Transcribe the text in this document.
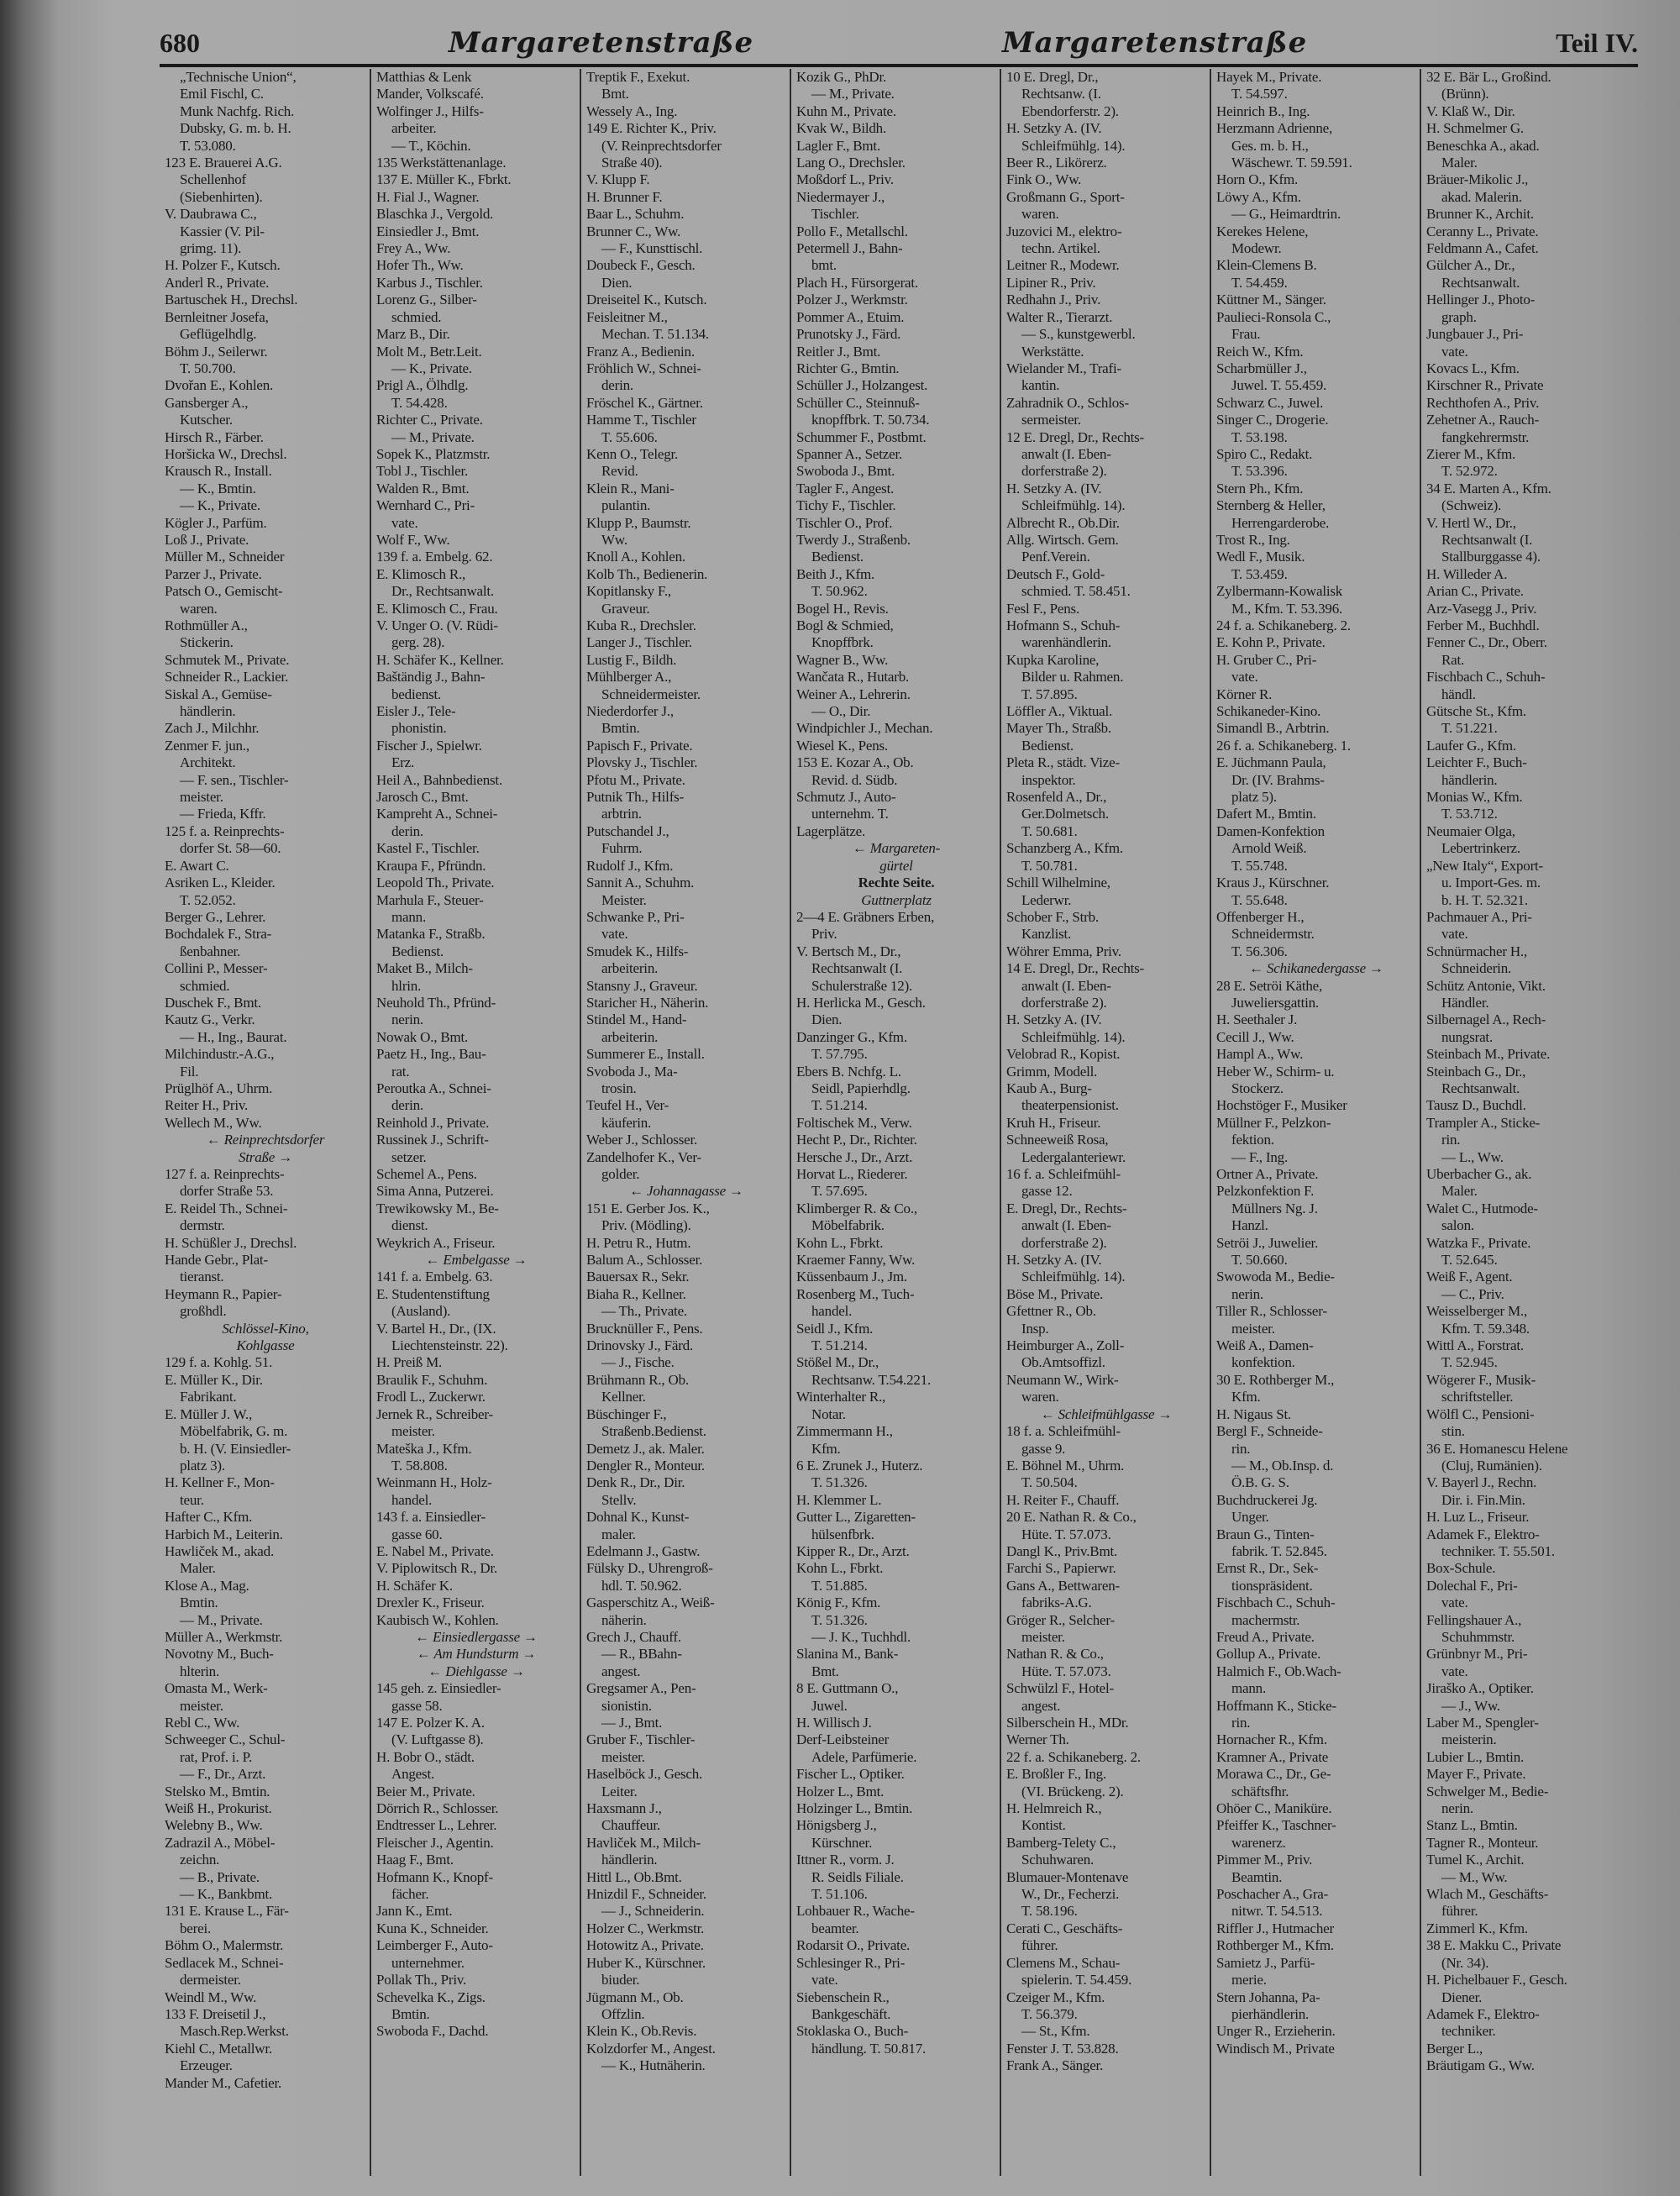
680	Margaretenstraße	Margaretenstraße	Teil IV.
„Technische Union“,
Emil Fischl, C.
Munk Nachfg. Rich.
Dubsky, G. m. b. H.
T. 53.080.
123 E. Brauerei A.G.
Schellenhof
(Siebenhirten).
V. Daubrawa C.,
Kassier (V. Pil-
grimg. 11).
H. Polzer F., Kutsch.
Anderl R., Private.
Bartuschek H., Drechsl.
Bernleitner Josefa,
Geflügelhdlg.
Böhm J., Seilerwr.
T. 50.700.
Dvořan E., Kohlen.
Gansberger A.,
Kutscher.
Hirsch R., Färber.
Horšicka W., Drechsl.
Krausch R., Install.
— K., Bmtin.
— K., Private.
Kögler J., Parfüm.
Loß J., Private.
Müller M., Schneider
Parzer J., Private.
Patsch O., Gemischt-
waren.
Rothmüller A.,
Stickerin.
Schmutek M., Private.
Schneider R., Lackier.
Siskal A., Gemüse-
händlerin.
Zach J., Milchhr.
Zenmer F. jun.,
Architekt.
— F. sen., Tischler-
meister.
— Frieda, Kffr.
125 f. a. Reinprechts-
dorfer St. 58—60.
E. Awart C.
Asriken L., Kleider.
T. 52.052.
Berger G., Lehrer.
Bochdalek F., Stra-
ßenbahner.
Collini P., Messer-
schmied.
Duschek F., Bmt.
Kautz G., Verkr.
— H., Ing., Baurat.
Milchindustr.-A.G.,
Fil.
Prüglhöf A., Uhrm.
Reiter H., Priv.
Wellech M., Ww.
← Reinprechtsdorfer
Straße →
127 f. a. Reinprechts-
dorfer Straße 53.
E. Reidel Th., Schnei-
dermstr.
H. Schüßler J., Drechsl.
Hande Gebr., Plat-
tieranst.
Heymann R., Papier-
großhdl.
Schlössel-Kino,
Kohlgasse
129 f. a. Kohlg. 51.
E. Müller K., Dir.
Fabrikant.
E. Müller J. W.,
Möbelfabrik, G. m.
b. H. (V. Einsiedler-
platz 3).
H. Kellner F., Mon-
teur.
Hafter C., Kfm.
Harbich M., Leiterin.
Hawliček M., akad.
Maler.
Klose A., Mag.
Bmtin.
— M., Private.
Müller A., Werkmstr.
Novotny M., Buch-
hlterin.
Omasta M., Werk-
meister.
Rebl C., Ww.
Schweeger C., Schul-
rat, Prof. i. P.
— F., Dr., Arzt.
Stelsko M., Bmtin.
Weiß H., Prokurist.
Welebny B., Ww.
Zadrazil A., Möbel-
zeichn.
— B., Private.
— K., Bankbmt.
131 E. Krause L., Fär-
berei.
Böhm O., Malermstr.
Sedlacek M., Schnei-
dermeister.
Weindl M., Ww.
133 F. Dreisetil J.,
Masch.Rep.Werkst.
Kiehl C., Metallwr.
Erzeuger.
Mander M., Cafetier.
Matthias & Lenk
Mander, Volkscafé.
Wolfinger J., Hilfs-
arbeiter.
— T., Köchin.
135 Werkstättenanlage.
137 E. Müller K., Fbrkt.
H. Fial J., Wagner.
Blaschka J., Vergold.
Einsiedler J., Bmt.
Frey A., Ww.
Hofer Th., Ww.
Karbus J., Tischler.
Lorenz G., Silber-
schmied.
Marz B., Dir.
Molt M., Betr.Leit.
— K., Private.
Prigl A., Ölhdlg.
T. 54.428.
Richter C., Private.
— M., Private.
Sopek K., Platzmstr.
Tobl J., Tischler.
Walden R., Bmt.
Wernhard C., Pri-
vate.
Wolf F., Ww.
139 f. a. Embelg. 62.
E. Klimosch R.,
Dr., Rechtsanwalt.
E. Klimosch C., Frau.
V. Unger O. (V. Rüdi-
gerg. 28).
H. Schäfer K., Kellner.
Baštändig J., Bahn-
bedienst.
Eisler J., Tele-
phonistin.
Fischer J., Spielwr.
Erz.
Heil A., Bahnbedienst.
Jarosch C., Bmt.
Kampreht A., Schnei-
derin.
Kastel F., Tischler.
Kraupa F., Pfründn.
Leopold Th., Private.
Marhula F., Steuer-
mann.
Matanka F., Straßb.
Bedienst.
Maket B., Milch-
hlrin.
Neuhold Th., Pfründ-
nerin.
Nowak O., Bmt.
Paetz H., Ing., Bau-
rat.
Peroutka A., Schnei-
derin.
Reinhold J., Private.
Russinek J., Schrift-
setzer.
Schemel A., Pens.
Sima Anna, Putzerei.
Trewikowsky M., Be-
dienst.
Weykrich A., Friseur.
← Embelgasse →
141 f. a. Embelg. 63.
E. Studentenstiftung
(Ausland).
V. Bartel H., Dr., (IX.
Liechtensteinstr. 22).
H. Preiß M.
Braulik F., Schuhm.
Frodl L., Zuckerwr.
Jernek R., Schreiber-
meister.
Mateška J., Kfm.
T. 58.808.
Weinmann H., Holz-
handel.
143 f. a. Einsiedler-
gasse 60.
E. Nabel M., Private.
V. Piplowitsch R., Dr.
H. Schäfer K.
Drexler K., Friseur.
Kaubisch W., Kohlen.
← Einsiedlergasse →
← Am Hundsturm →
← Diehlgasse →
145 geh. z. Einsiedler-
gasse 58.
147 E. Polzer K. A.
(V. Luftgasse 8).
H. Bobr O., städt.
Angest.
Beier M., Private.
Dörrich R., Schlosser.
Endtresser L., Lehrer.
Fleischer J., Agentin.
Haag F., Bmt.
Hofmann K., Knopf-
fächer.
Jann K., Emt.
Kuna K., Schneider.
Leimberger F., Auto-
unternehmer.
Pollak Th., Priv.
Schevelka K., Zigs.
Bmtin.
Swoboda F., Dachd.
Treptik F., Exekut.
Bmt.
Wessely A., Ing.
149 E. Richter K., Priv.
(V. Reinprechtsdorfer
Straße 40).
V. Klupp F.
H. Brunner F.
Baar L., Schuhm.
Brunner C., Ww.
— F., Kunsttischl.
Doubeck F., Gesch.
Dien.
Dreiseitel K., Kutsch.
Feisleitner M.,
Mechan. T. 51.134.
Franz A., Bedienin.
Fröhlich W., Schnei-
derin.
Fröschel K., Gärtner.
Hamme T., Tischler
T. 55.606.
Kenn O., Telegr.
Revid.
Klein R., Mani-
pulantin.
Klupp P., Baumstr.
Ww.
Knoll A., Kohlen.
Kolb Th., Bedienerin.
Kopitlansky F.,
Graveur.
Kuba R., Drechsler.
Langer J., Tischler.
Lustig F., Bildh.
Mühlberger A.,
Schneidermeister.
Niederdorfer J.,
Bmtin.
Papisch F., Private.
Plovsky J., Tischler.
Pfotu M., Private.
Putnik Th., Hilfs-
arbtrin.
Putschandel J.,
Fuhrm.
Rudolf J., Kfm.
Sannit A., Schuhm.
Meister.
Schwanke P., Pri-
vate.
Smudek K., Hilfs-
arbeiterin.
Stansny J., Graveur.
Staricher H., Näherin.
Stindel M., Hand-
arbeiterin.
Summerer E., Install.
Svoboda J., Ma-
trosin.
Teufel H., Ver-
käuferin.
Weber J., Schlosser.
Zandelhofer K., Ver-
golder.
← Johannagasse →
151 E. Gerber Jos. K.,
Priv. (Mödling).
H. Petru R., Hutm.
Balum A., Schlosser.
Bauersax R., Sekr.
Biaha R., Kellner.
— Th., Private.
Brucknüller F., Pens.
Drinovsky J., Färd.
— J., Fische.
Brühmann R., Ob.
Kellner.
Büschinger F.,
Straßenb.Bedienst.
Demetz J., ak. Maler.
Dengler R., Monteur.
Denk R., Dr., Dir.
Stellv.
Dohnal K., Kunst-
maler.
Edelmann J., Gastw.
Fülsky D., Uhrengroß-
hdl. T. 50.962.
Gasperschitz A., Weiß-
näherin.
Grech J., Chauff.
— R., BBahn-
angest.
Gregsamer A., Pen-
sionistin.
— J., Bmt.
Gruber F., Tischler-
meister.
Haselböck J., Gesch.
Leiter.
Haxsmann J.,
Chauffeur.
Havliček M., Milch-
händlerin.
Hittl L., Ob.Bmt.
Hnizdil F., Schneider.
— J., Schneiderin.
Holzer C., Werkmstr.
Hotowitz A., Private.
Huber K., Kürschner.
biuder.
Jügmann M., Ob.
Offzlin.
Klein K., Ob.Revis.
Kolzdorfer M., Angest.
— K., Hutnäherin.
Kozik G., PhDr.
— M., Private.
Kuhn M., Private.
Kvak W., Bildh.
Lagler F., Bmt.
Lang O., Drechsler.
Moßdorf L., Priv.
Niedermayer J.,
Tischler.
Pollo F., Metallschl.
Petermell J., Bahn-
bmt.
Plach H., Fürsorgerat.
Polzer J., Werkmstr.
Pommer A., Etuim.
Prunotsky J., Färd.
Reitler J., Bmt.
Richter G., Bmtin.
Schüller J., Holzangest.
Schüller C., Steinnuß-
knopffbrk. T. 50.734.
Schummer F., Postbmt.
Spanner A., Setzer.
Swoboda J., Bmt.
Tagler F., Angest.
Tichy F., Tischler.
Tischler O., Prof.
Twerdy J., Straßenb.
Bedienst.
Beith J., Kfm.
T. 50.962.
Bogel H., Revis.
Bogl & Schmied,
Knopffbrk.
Wagner B., Ww.
Wančata R., Hutarb.
Weiner A., Lehrerin.
— O., Dir.
Windpichler J., Mechan.
Wiesel K., Pens.
153 E. Kozar A., Ob.
Revid. d. Südb.
Schmutz J., Auto-
unternehm. T.
Lagerplätze.
← Margareten-
gürtel
Rechte Seite.
Guttnerplatz
2—4 E. Gräbners Erben,
Priv.
V. Bertsch M., Dr.,
Rechtsanwalt (I.
Schulerstraße 12).
H. Herlicka M., Gesch.
Dien.
Danzinger G., Kfm.
T. 57.795.
Ebers B. Nchfg. L.
Seidl, Papierhdlg.
T. 51.214.
Foltischek M., Verw.
Hecht P., Dr., Richter.
Hersche J., Dr., Arzt.
Horvat L., Riederer.
T. 57.695.
Klimberger R. & Co.,
Möbelfabrik.
Kohn L., Fbrkt.
Kraemer Fanny, Ww.
Küssenbaum J., Jm.
Rosenberg M., Tuch-
handel.
Seidl J., Kfm.
T. 51.214.
Stößel M., Dr.,
Rechtsanw. T.54.221.
Winterhalter R.,
Notar.
Zimmermann H.,
Kfm.
6 E. Zrunek J., Huterz.
T. 51.326.
H. Klemmer L.
Gutter L., Zigaretten-
hülsenfbrk.
Kipper R., Dr., Arzt.
Kohn L., Fbrkt.
T. 51.885.
König F., Kfm.
T. 51.326.
— J. K., Tuchhdl.
Slanina M., Bank-
Bmt.
8 E. Guttmann O.,
Juwel.
H. Willisch J.
Derf-Leibsteiner
Adele, Parfümerie.
Fischer L., Optiker.
Holzer L., Bmt.
Holzinger L., Bmtin.
Hönigsberg J.,
Kürschner.
Ittner R., vorm. J.
R. Seidls Filiale.
T. 51.106.
Lohbauer R., Wache-
beamter.
Rodarsit O., Private.
Schlesinger R., Pri-
vate.
Siebenschein R.,
Bankgeschäft.
Stoklaska O., Buch-
händlung. T. 50.817.
10 E. Dregl, Dr.,
Rechtsanw. (I.
Ebendorferstr. 2).
H. Setzky A. (IV.
Schleifmühlg. 14).
Beer R., Likörerz.
Fink O., Ww.
Großmann G., Sport-
waren.
Juzovici M., elektro-
techn. Artikel.
Leitner R., Modewr.
Lipiner R., Priv.
Redhahn J., Priv.
Walter R., Tierarzt.
— S., kunstgewerbl.
Werkstätte.
Wielander M., Trafi-
kantin.
Zahradnik O., Schlos-
sermeister.
12 E. Dregl, Dr., Rechts-
anwalt (I. Eben-
dorferstraße 2).
H. Setzky A. (IV.
Schleifmühlg. 14).
Albrecht R., Ob.Dir.
Allg. Wirtsch. Gem.
Penf.Verein.
Deutsch F., Gold-
schmied. T. 58.451.
Fesl F., Pens.
Hofmann S., Schuh-
warenhändlerin.
Kupka Karoline,
Bilder u. Rahmen.
T. 57.895.
Löffler A., Viktual.
Mayer Th., Straßb.
Bedienst.
Pleta R., städt. Vize-
inspektor.
Rosenfeld A., Dr.,
Ger.Dolmetsch.
T. 50.681.
Schanzberg A., Kfm.
T. 50.781.
Schill Wilhelmine,
Lederwr.
Schober F., Strb.
Kanzlist.
Wöhrer Emma, Priv.
14 E. Dregl, Dr., Rechts-
anwalt (I. Eben-
dorferstraße 2).
H. Setzky A. (IV.
Schleifmühlg. 14).
Velobrad R., Kopist.
Grimm, Modell.
Kaub A., Burg-
theaterpensionist.
Kruh H., Friseur.
Schneeweiß Rosa,
Ledergalanteriewr.
16 f. a. Schleifmühl-
gasse 12.
E. Dregl, Dr., Rechts-
anwalt (I. Eben-
dorferstraße 2).
H. Setzky A. (IV.
Schleifmühlg. 14).
Böse M., Private.
Gfettner R., Ob.
Insp.
Heimburger A., Zoll-
Ob.Amtsoffizl.
Neumann W., Wirk-
waren.
← Schleifmühlgasse →
18 f. a. Schleifmühl-
gasse 9.
E. Böhnel M., Uhrm.
T. 50.504.
H. Reiter F., Chauff.
20 E. Nathan R. & Co.,
Hüte. T. 57.073.
Dangl K., Priv.Bmt.
Farchi S., Papierwr.
Gans A., Bettwaren-
fabriks-A.G.
Gröger R., Selcher-
meister.
Nathan R. & Co.,
Hüte. T. 57.073.
Schwülzl F., Hotel-
angest.
Silberschein H., MDr.
Werner Th.
22 f. a. Schikaneberg. 2.
E. Broßler F., Ing.
(VI. Brückeng. 2).
H. Helmreich R.,
Kontist.
Bamberg-Telety C.,
Schuhwaren.
Blumauer-Montenave
W., Dr., Fecherzi.
T. 58.196.
Cerati C., Geschäfts-
führer.
Clemens M., Schau-
spielerin. T. 54.459.
Czeiger M., Kfm.
T. 56.379.
— St., Kfm.
Fenster J. T. 53.828.
Frank A., Sänger.
Hayek M., Private.
T. 54.597.
Heinrich B., Ing.
Herzmann Adrienne,
Ges. m. b. H.,
Wäschewr. T. 59.591.
Horn O., Kfm.
Löwy A., Kfm.
— G., Heimardtrin.
Kerekes Helene,
Modewr.
Klein-Clemens B.
T. 54.459.
Küttner M., Sänger.
Paulieci-Ronsola C.,
Frau.
Reich W., Kfm.
Scharbmüller J.,
Juwel. T. 55.459.
Schwarz C., Juwel.
Singer C., Drogerie.
T. 53.198.
Spiro C., Redakt.
T. 53.396.
Stern Ph., Kfm.
Sternberg & Heller,
Herrengarderobe.
Trost R., Ing.
Wedl F., Musik.
T. 53.459.
Zylbermann-Kowalisk
M., Kfm. T. 53.396.
24 f. a. Schikaneberg. 2.
E. Kohn P., Private.
H. Gruber C., Pri-
vate.
Körner R.
Schikaneder-Kino.
Simandl B., Arbtrin.
26 f. a. Schikaneberg. 1.
E. Jüchmann Paula,
Dr. (IV. Brahms-
platz 5).
Dafert M., Bmtin.
Damen-Konfektion
Arnold Weiß.
T. 55.748.
Kraus J., Kürschner.
T. 55.648.
Offenberger H.,
Schneidermstr.
T. 56.306.
← Schikanedergasse →
28 E. Setröi Käthe,
Juweliersgattin.
H. Seethaler J.
Cecill J., Ww.
Hampl A., Ww.
Heber W., Schirm- u.
Stockerz.
Hochstöger F., Musiker
Müllner F., Pelzkon-
fektion.
— F., Ing.
Ortner A., Private.
Pelzkonfektion F.
Müllners Ng. J.
Hanzl.
Setröi J., Juwelier.
T. 50.660.
Swowoda M., Bedie-
nerin.
Tiller R., Schlosser-
meister.
Weiß A., Damen-
konfektion.
30 E. Rothberger M.,
Kfm.
H. Nigaus St.
Bergl F., Schneide-
rin.
— M., Ob.Insp. d.
Ö.B. G. S.
Buchdruckerei Jg.
Unger.
Braun G., Tinten-
fabrik. T. 52.845.
Ernst R., Dr., Sek-
tionspräsident.
Fischbach C., Schuh-
machermstr.
Freud A., Private.
Gollup A., Private.
Halmich F., Ob.Wach-
mann.
Hoffmann K., Sticke-
rin.
Hornacher R., Kfm.
Kramner A., Private
Morawa C., Dr., Ge-
schäftsfhr.
Ohöer C., Maniküre.
Pfeiffer K., Taschner-
warenerz.
Pimmer M., Priv.
Beamtin.
Poschacher A., Gra-
nitwr. T. 54.513.
Riffler J., Hutmacher
Rothberger M., Kfm.
Samietz J., Parfü-
merie.
Stern Johanna, Pa-
pierhändlerin.
Unger R., Erzieherin.
Windisch M., Private
32 E. Bär L., Großind.
(Brünn).
V. Klaß W., Dir.
H. Schmelmer G.
Beneschka A., akad.
Maler.
Bräuer-Mikolic J.,
akad. Malerin.
Brunner K., Archit.
Ceranny L., Private.
Feldmann A., Cafet.
Gülcher A., Dr.,
Rechtsanwalt.
Hellinger J., Photo-
graph.
Jungbauer J., Pri-
vate.
Kovacs L., Kfm.
Kirschner R., Private
Rechthofen A., Priv.
Zehetner A., Rauch-
fangkehrermstr.
Zierer M., Kfm.
T. 52.972.
34 E. Marten A., Kfm.
(Schweiz).
V. Hertl W., Dr.,
Rechtsanwalt (I.
Stallburggasse 4).
H. Willeder A.
Arian C., Private.
Arz-Vasegg J., Priv.
Ferber M., Buchhdl.
Fenner C., Dr., Oberr.
Rat.
Fischbach C., Schuh-
händl.
Gütsche St., Kfm.
T. 51.221.
Laufer G., Kfm.
Leichter F., Buch-
händlerin.
Monias W., Kfm.
T. 53.712.
Neumaier Olga,
Lebertrinkerz.
„New Italy“, Export-
u. Import-Ges. m.
b. H. T. 52.321.
Pachmauer A., Pri-
vate.
Schnürmacher H.,
Schneiderin.
Schütz Antonie, Vikt.
Händler.
Silbernagel A., Rech-
nungsrat.
Steinbach M., Private.
Steinbach G., Dr.,
Rechtsanwalt.
Tausz D., Buchdl.
Trampler A., Sticke-
rin.
— L., Ww.
Uberbacher G., ak.
Maler.
Walet C., Hutmode-
salon.
Watzka F., Private.
T. 52.645.
Weiß F., Agent.
— C., Priv.
Weisselberger M.,
Kfm. T. 59.348.
Wittl A., Forstrat.
T. 52.945.
Wögerer F., Musik-
schriftsteller.
Wölfl C., Pensioni-
stin.
36 E. Homanescu Helene
(Cluj, Rumänien).
V. Bayerl J., Rechn.
Dir. i. Fin.Min.
H. Luz L., Friseur.
Adamek F., Elektro-
techniker. T. 55.501.
Box-Schule.
Dolechal F., Pri-
vate.
Fellingshauer A.,
Schuhmmstr.
Grünbnyr M., Pri-
vate.
Jiraško A., Optiker.
— J., Ww.
Laber M., Spengler-
meisterin.
Lubier L., Bmtin.
Mayer F., Private.
Schwelger M., Bedie-
nerin.
Stanz L., Bmtin.
Tagner R., Monteur.
Tumel K., Archit.
— M., Ww.
Wlach M., Geschäfts-
führer.
Zimmerl K., Kfm.
38 E. Makku C., Private
(Nr. 34).
H. Pichelbauer F., Gesch.
Diener.
Adamek F., Elektro-
techniker.
Berger L.,
Bräutigam G., Ww.
